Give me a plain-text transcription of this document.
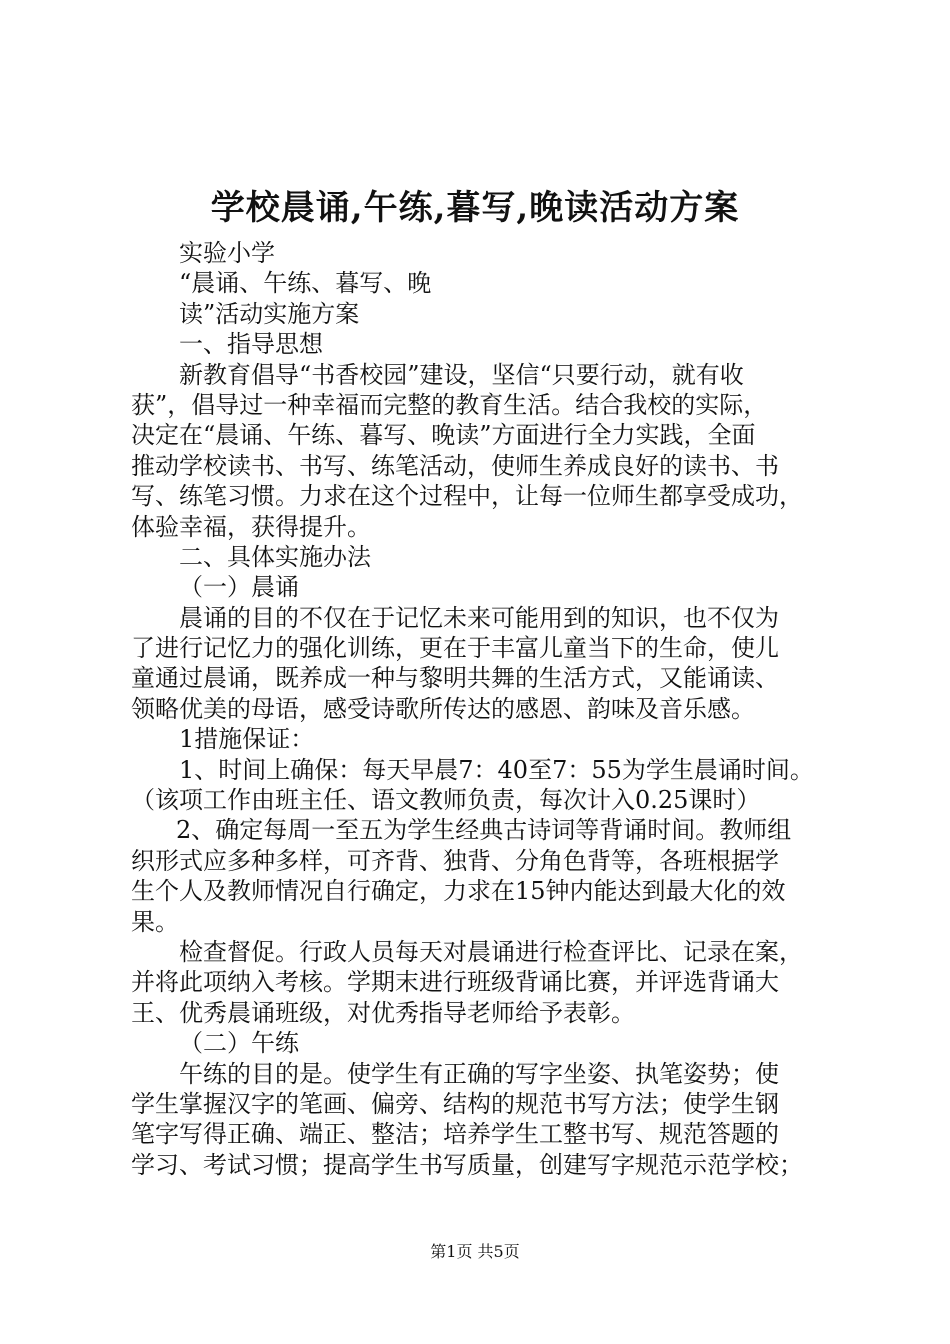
学校晨诵,午练,暮写,晚读活动方案
实验小学
“晨诵、午练、暮写、晚
读”活动实施方案
一、指导思想
新教育倡导“书香校园”建设，坚信“只要行动，就有收
获”，倡导过一种幸福而完整的教育生活。结合我校的实际，
决定在“晨诵、午练、暮写、晚读”方面进行全力实践，全面
推动学校读书、书写、练笔活动，使师生养成良好的读书、书
写、练笔习惯。力求在这个过程中，让每一位师生都享受成功，
体验幸福，获得提升。
二、具体实施办法
（一）晨诵
晨诵的目的不仅在于记忆未来可能用到的知识，也不仅为
了进行记忆力的强化训练，更在于丰富儿童当下的生命，使儿
童通过晨诵，既养成一种与黎明共舞的生活方式，又能诵读、
领略优美的母语，感受诗歌所传达的感恩、韵味及音乐感。
1措施保证：
1、时间上确保：每天早晨7：40至7：55为学生晨诵时间。
（该项工作由班主任、语文教师负责，每次计入0.25课时）
2、确定每周一至五为学生经典古诗词等背诵时间。教师组
织形式应多种多样，可齐背、独背、分角色背等，各班根据学
生个人及教师情况自行确定，力求在15钟内能达到最大化的效
果。
检查督促。行政人员每天对晨诵进行检查评比、记录在案，
并将此项纳入考核。学期末进行班级背诵比赛，并评选背诵大
王、优秀晨诵班级，对优秀指导老师给予表彰。
（二）午练
午练的目的是。使学生有正确的写字坐姿、执笔姿势；使
学生掌握汉字的笔画、偏旁、结构的规范书写方法；使学生钢
笔字写得正确、端正、整洁；培养学生工整书写、规范答题的
学习、考试习惯；提高学生书写质量，创建写字规范示范学校；
第1页 共5页
